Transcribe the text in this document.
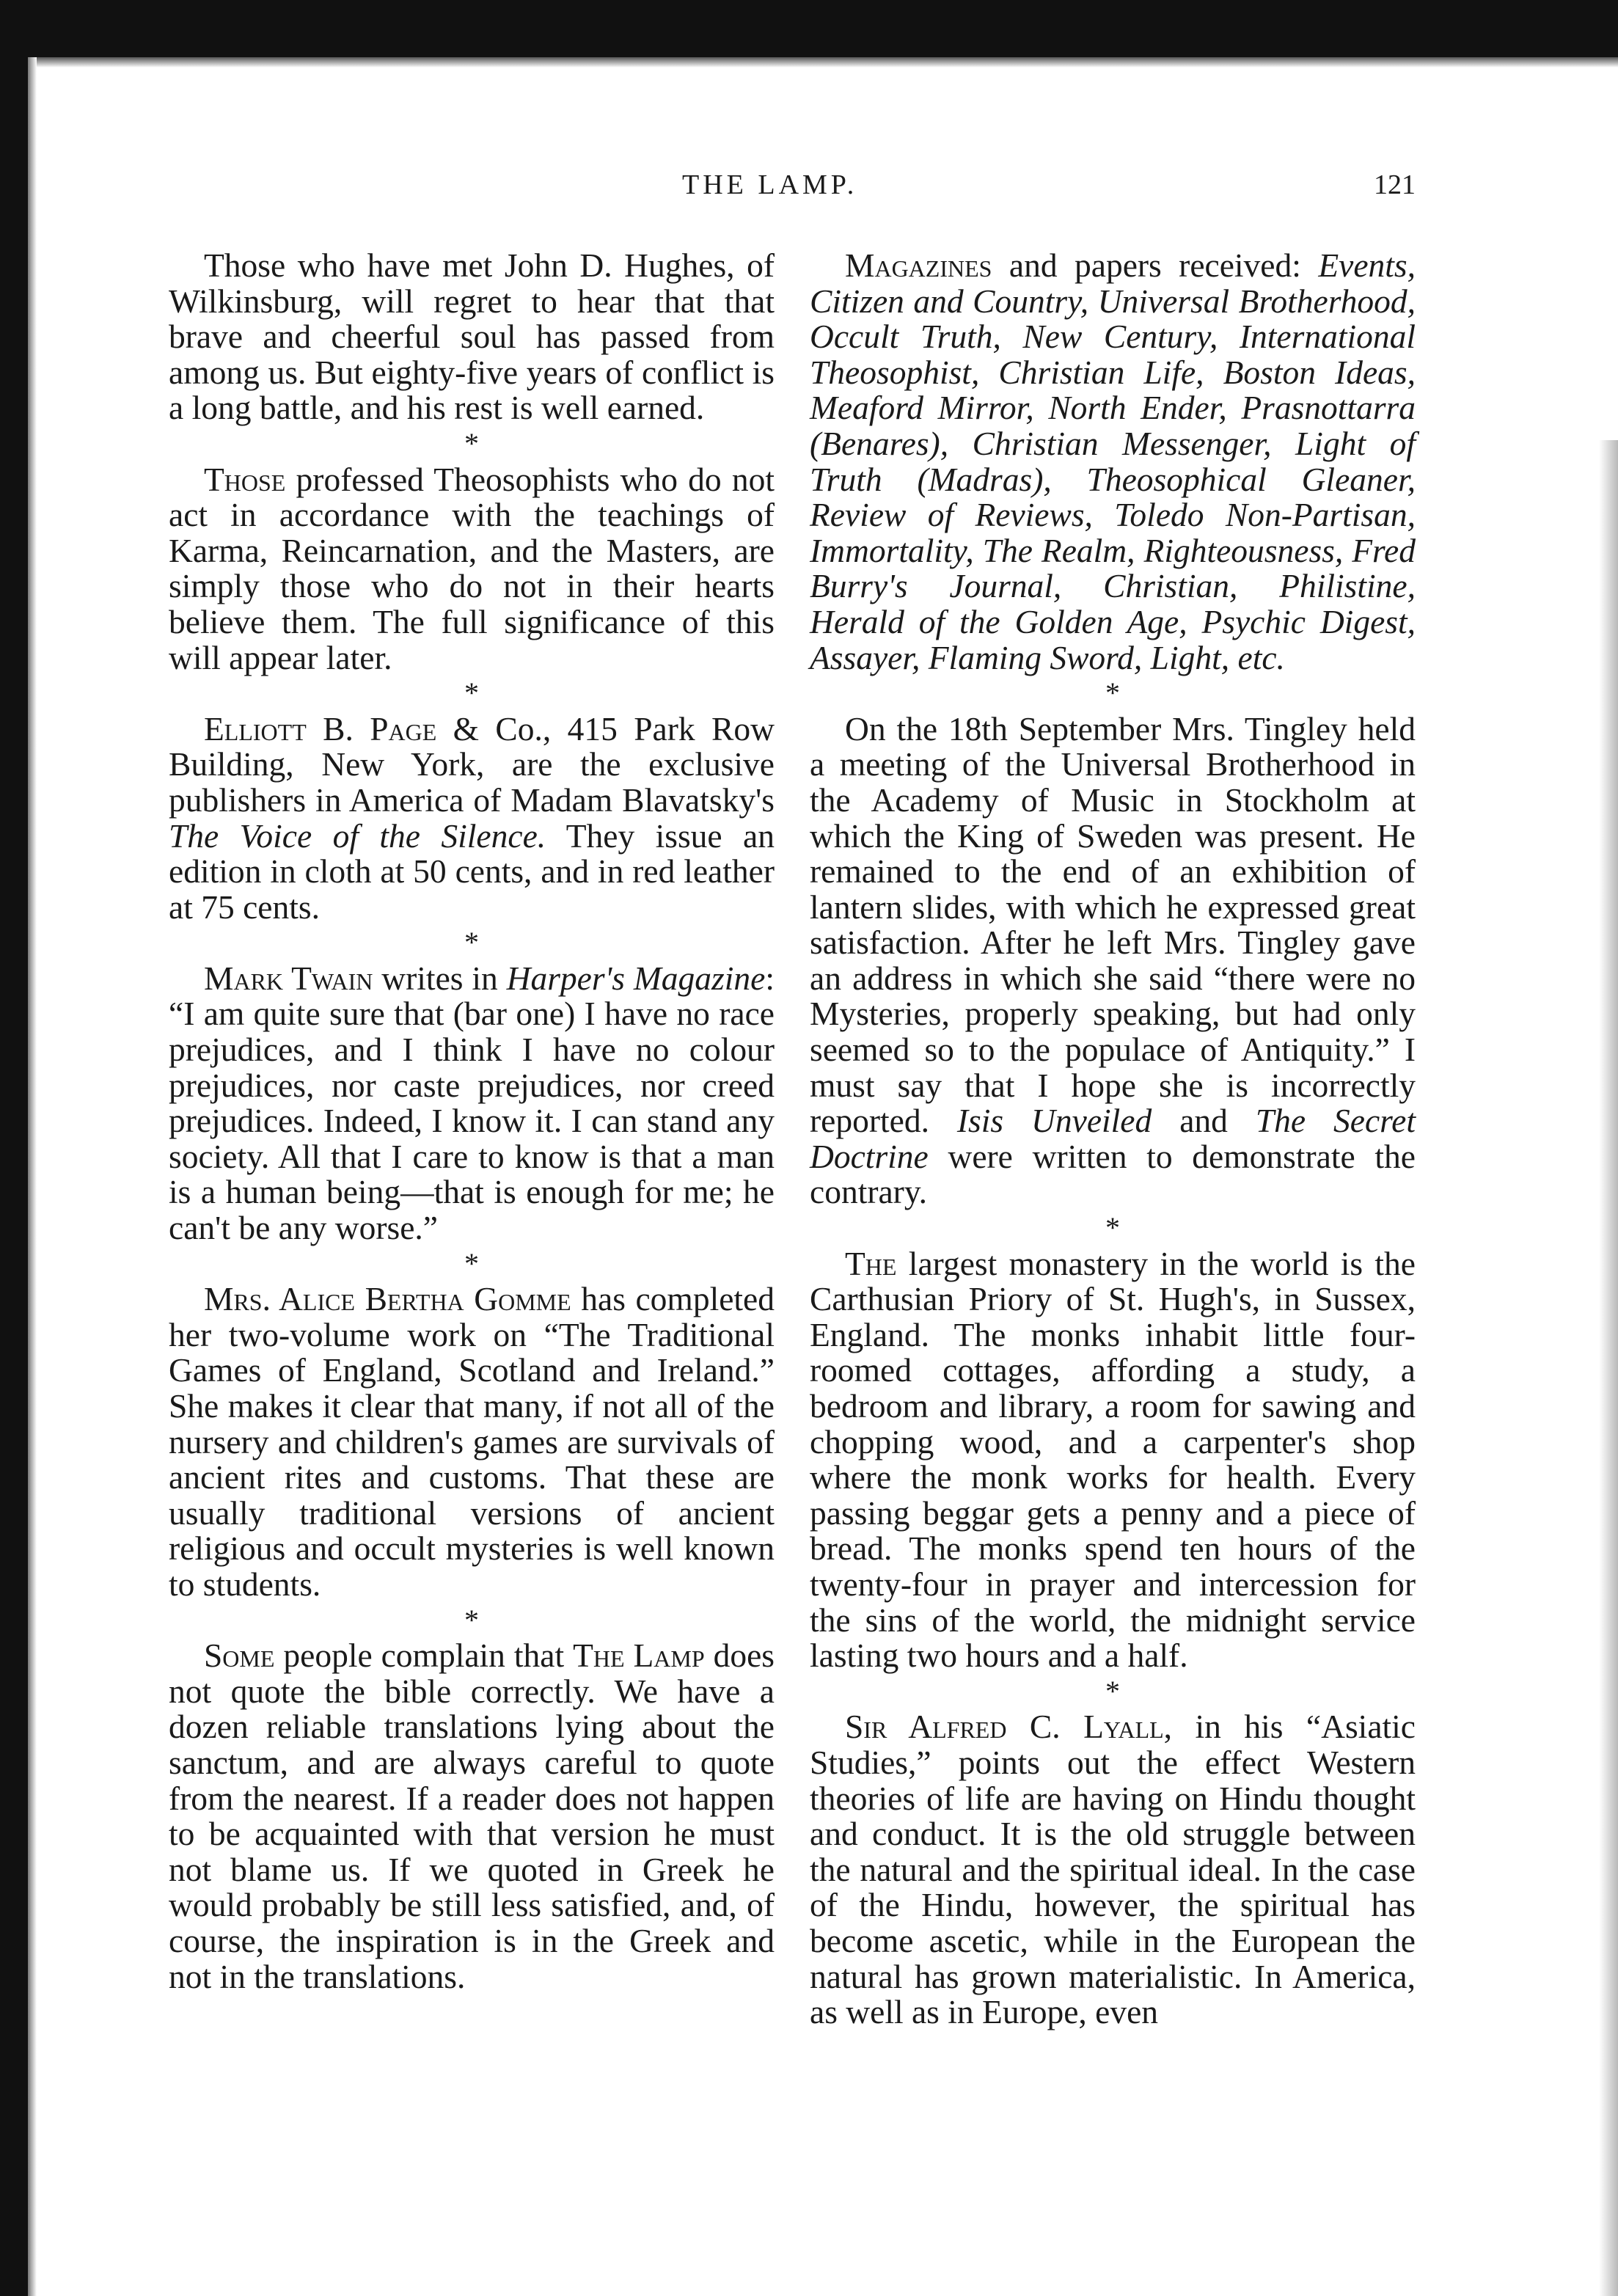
THE LAMP.	121

Those who have met John D. Hughes, of Wilkinsburg, will regret to hear that that brave and cheerful soul has passed from among us. But eighty-five years of conflict is a long battle, and his rest is well earned.

*

Those professed Theosophists who do not act in accordance with the teachings of Karma, Reincarnation, and the Masters, are simply those who do not in their hearts believe them. The full significance of this will appear later.

*

Elliott B. Page & Co., 415 Park Row Building, New York, are the exclusive publishers in America of Madam Blavatsky's The Voice of the Silence. They issue an edition in cloth at 50 cents, and in red leather at 75 cents.

*

Mark Twain writes in Harper's Magazine: “I am quite sure that (bar one) I have no race prejudices, and I think I have no colour prejudices, nor caste prejudices, nor creed prejudices. Indeed, I know it. I can stand any society. All that I care to know is that a man is a human being—that is enough for me; he can't be any worse.”

*

Mrs. Alice Bertha Gomme has completed her two-volume work on “The Traditional Games of England, Scotland and Ireland.” She makes it clear that many, if not all of the nursery and children's games are survivals of ancient rites and customs. That these are usually traditional versions of ancient religious and occult mysteries is well known to students.

*

Some people complain that The Lamp does not quote the bible correctly. We have a dozen reliable translations lying about the sanctum, and are always careful to quote from the nearest. If a reader does not happen to be acquainted with that version he must not blame us. If we quoted in Greek he would probably be still less satisfied, and, of course, the inspiration is in the Greek and not in the translations.

Magazines and papers received: Events, Citizen and Country, Universal Brotherhood, Occult Truth, New Century, International Theosophist, Christian Life, Boston Ideas, Meaford Mirror, North Ender, Prasnottarra (Benares), Christian Messenger, Light of Truth (Madras), Theosophical Gleaner, Review of Reviews, Toledo Non-Partisan, Immortality, The Realm, Righteousness, Fred Burry's Journal, Christian, Philistine, Herald of the Golden Age, Psychic Digest, Assayer, Flaming Sword, Light, etc.

*

On the 18th September Mrs. Tingley held a meeting of the Universal Brotherhood in the Academy of Music in Stockholm at which the King of Sweden was present. He remained to the end of an exhibition of lantern slides, with which he expressed great satisfaction. After he left Mrs. Tingley gave an address in which she said “there were no Mysteries, properly speaking, but had only seemed so to the populace of Antiquity.” I must say that I hope she is incorrectly reported. Isis Unveiled and The Secret Doctrine were written to demonstrate the contrary.

*

The largest monastery in the world is the Carthusian Priory of St. Hugh's, in Sussex, England. The monks inhabit little four-roomed cottages, affording a study, a bedroom and library, a room for sawing and chopping wood, and a carpenter's shop where the monk works for health. Every passing beggar gets a penny and a piece of bread. The monks spend ten hours of the twenty-four in prayer and intercession for the sins of the world, the midnight service lasting two hours and a half.

*

Sir Alfred C. Lyall, in his “Asiatic Studies,” points out the effect Western theories of life are having on Hindu thought and conduct. It is the old struggle between the natural and the spiritual ideal. In the case of the Hindu, however, the spiritual has become ascetic, while in the European the natural has grown materialistic. In America, as well as in Europe, even
